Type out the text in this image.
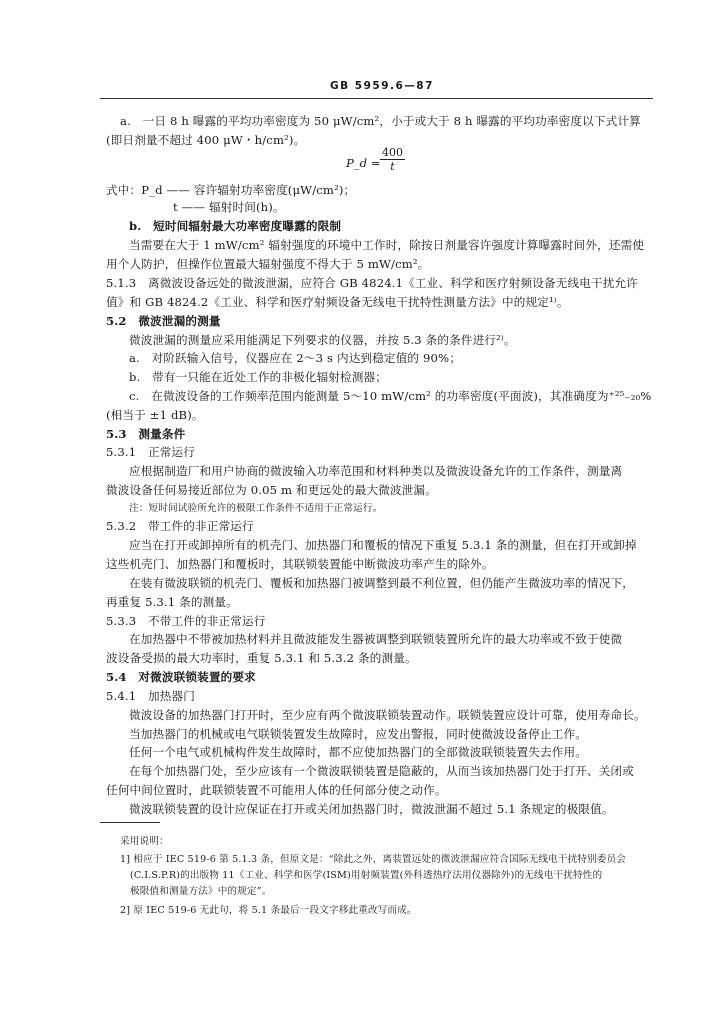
GB 5959.6—87
a.　一日 8 h 曝露的平均功率密度为 50 μW/cm²，小于或大于 8 h 曝露的平均功率密度以下式计算
(即日剂量不超过 400 μW・h/cm²)。
P_d = $\frac{400}{t}$
式中：P_d —— 容许辐射功率密度(μW/cm²)；
t —— 辐射时间(h)。
b.　短时间辐射最大功率密度曝露的限制
当需要在大于 1 mW/cm² 辐射强度的环境中工作时，除按日剂量容许强度计算曝露时间外，还需使
用个人防护，但操作位置最大辐射强度不得大于 5 mW/cm²。
5.1.3　离微波设备远处的微波泄漏，应符合 GB 4824.1《工业、科学和医疗射频设备无线电干扰允许
值》和 GB 4824.2《工业、科学和医疗射频设备无线电干扰特性测量方法》中的规定¹⁾。
5.2　微波泄漏的测量
微波泄漏的测量应采用能满足下列要求的仪器，并按 5.3 条的条件进行²⁾。
a.　对阶跃输入信号，仪器应在 2～3 s 内达到稳定值的 90%；
b.　带有一只能在近处工作的非极化辐射检测器；
c.　在微波设备的工作频率范围内能测量 5～10 mW/cm² 的功率密度(平面波)，其准确度为⁺²⁵₋₂₀%
(相当于 ±1 dB)。
5.3　测量条件
5.3.1　正常运行
应根据制造厂和用户协商的微波输入功率范围和材料种类以及微波设备允许的工作条件，测量离
微波设备任何易接近部位为 0.05 m 和更远处的最大微波泄漏。
注：短时间试验所允许的极限工作条件不适用于正常运行。
5.3.2　带工件的非正常运行
应当在打开或卸掉所有的机壳门、加热器门和覆板的情况下重复 5.3.1 条的测量，但在打开或卸掉
这些机壳门、加热器门和覆板时，其联锁装置能中断微波功率产生的除外。
在装有微波联锁的机壳门、覆板和加热器门被调整到最不利位置，但仍能产生微波功率的情况下，
再重复 5.3.1 条的测量。
5.3.3　不带工件的非正常运行
在加热器中不带被加热材料并且微波能发生器被调整到联锁装置所允许的最大功率或不致于使微
波设备受损的最大功率时，重复 5.3.1 和 5.3.2 条的测量。
5.4　对微波联锁装置的要求
5.4.1　加热器门
微波设备的加热器门打开时，至少应有两个微波联锁装置动作。联锁装置应设计可靠，使用寿命长。
当加热器门的机械或电气联锁装置发生故障时，应发出警报，同时使微波设备停止工作。
任何一个电气或机械构件发生故障时，都不应使加热器门的全部微波联锁装置失去作用。
在每个加热器门处，至少应该有一个微波联锁装置是隐蔽的，从而当该加热器门处于打开、关闭或
任何中间位置时，此联锁装置不可能用人体的任何部分使之动作。
微波联锁装置的设计应保证在打开或关闭加热器门时，微波泄漏不超过 5.1 条规定的极限值。
采用说明：
1] 相应于 IEC 519-6 第 5.1.3 条，但原文是：“除此之外，离装置远处的微波泄漏应符合国际无线电干扰特别委员会
(C.I.S.P.R)的出版物 11《工业、科学和医学(ISM)用射频装置(外科透热疗法用仪器除外)的无线电干扰特性的
极限值和测量方法》中的规定”。
2] 原 IEC 519-6 无此句，将 5.1 条最后一段文字移此重改写而成。
